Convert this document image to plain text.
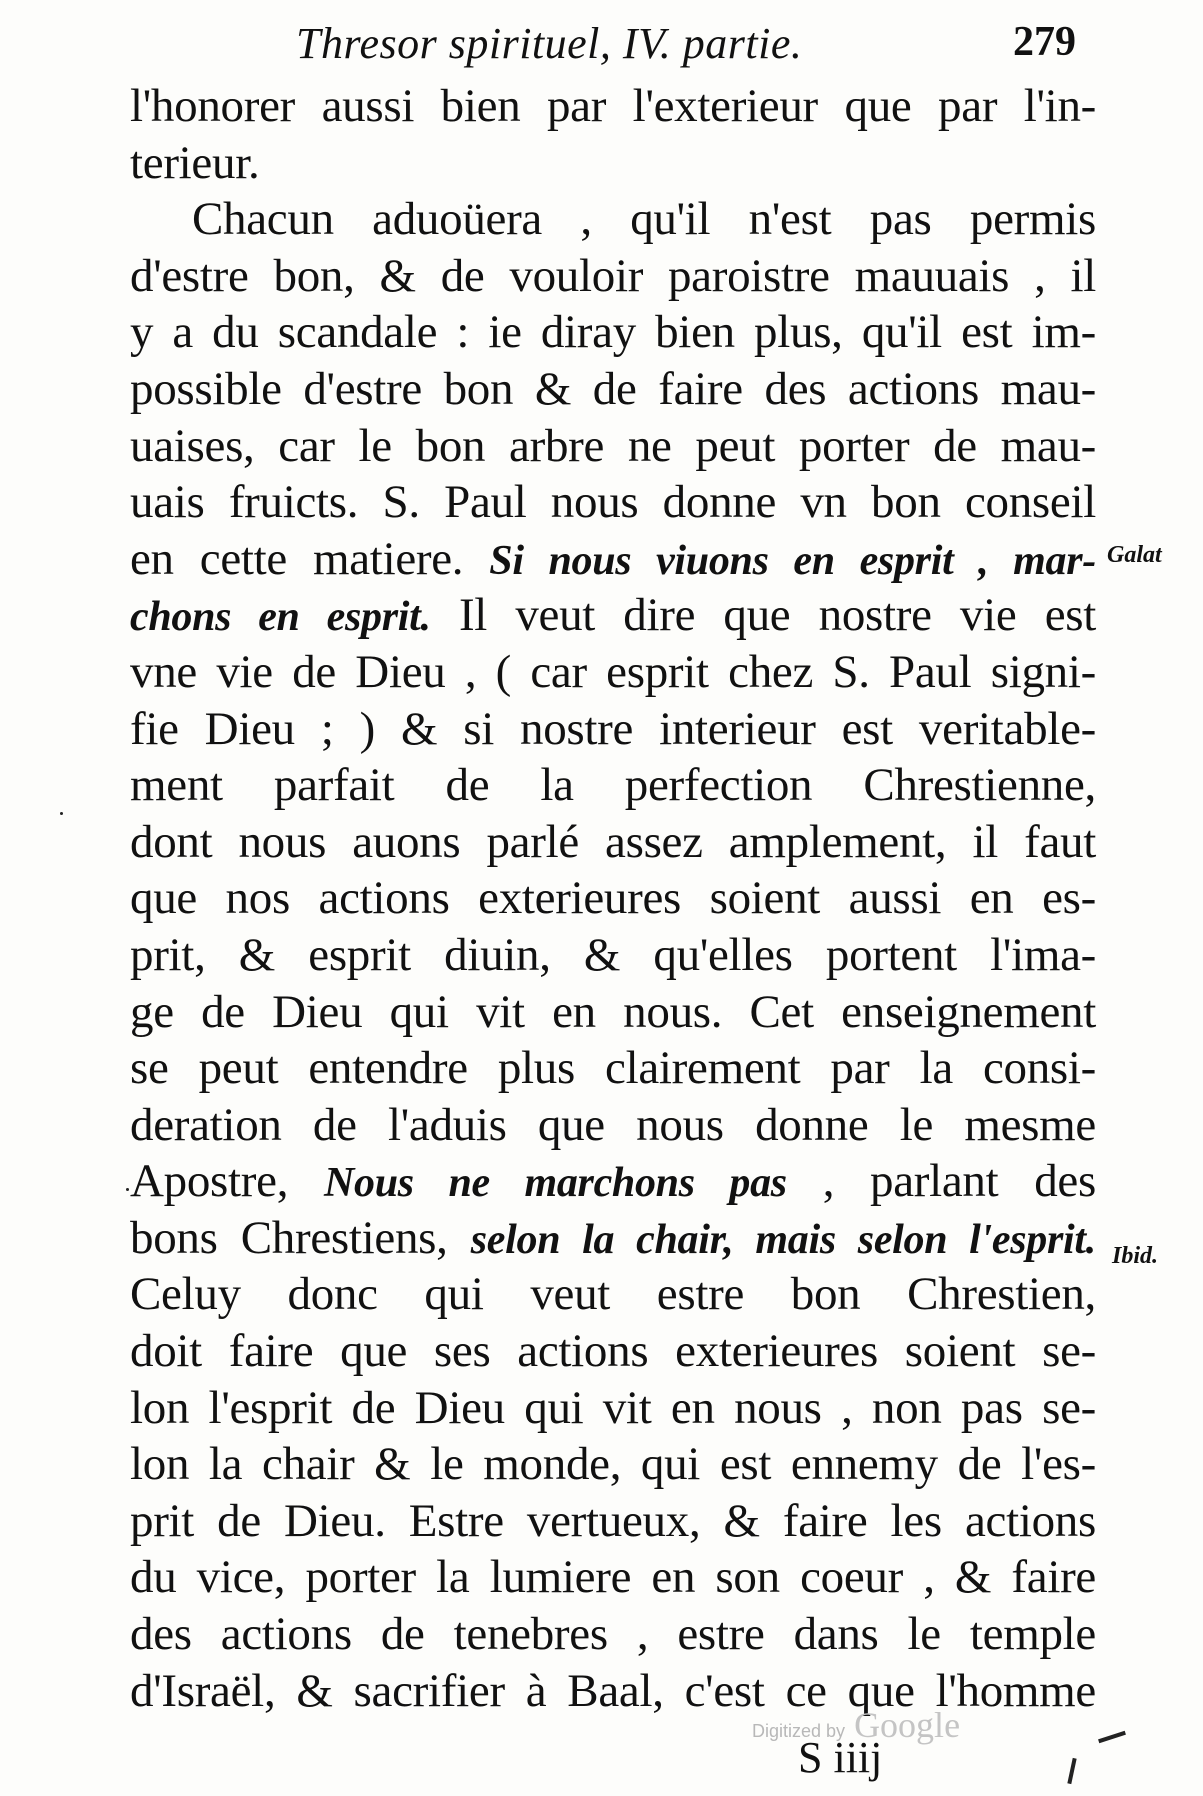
Thresor spirituel, IV. partie.	279
l'honorer aussi bien par l'exterieur que par l'in-
terieur.
Chacun aduoüera , qu'il n'est pas permis
d'estre bon, & de vouloir paroistre mauuais , il
y a du scandale : ie diray bien plus, qu'il est im-
possible d'estre bon & de faire des actions mau-
uaises, car le bon arbre ne peut porter de mau-
uais fruicts. S. Paul nous donne vn bon conseil
en cette matiere. Si nous viuons en esprit , mar-
chons en esprit. Il veut dire que nostre vie est
vne vie de Dieu , ( car esprit chez S. Paul signi-
fie Dieu ; ) & si nostre interieur est veritable-
ment parfait de la perfection Chrestienne,
dont nous auons parlé assez amplement, il faut
que nos actions exterieures soient aussi en es-
prit, & esprit diuin, & qu'elles portent l'ima-
ge de Dieu qui vit en nous. Cet enseignement
se peut entendre plus clairement par la consi-
deration de l'aduis que nous donne le mesme
Apostre, Nous ne marchons pas , parlant des
bons Chrestiens, selon la chair, mais selon l'esprit.
Celuy donc qui veut estre bon Chrestien,
doit faire que ses actions exterieures soient se-
lon l'esprit de Dieu qui vit en nous , non pas se-
lon la chair & le monde, qui est ennemy de l'es-
prit de Dieu. Estre vertueux, & faire les actions
du vice, porter la lumiere en son coeur , & faire
des actions de tenebres , estre dans le temple
d'Israël, & sacrifier à Baal, c'est ce que l'homme
Galat
Ibid.
Digitized by Google
S iiij
